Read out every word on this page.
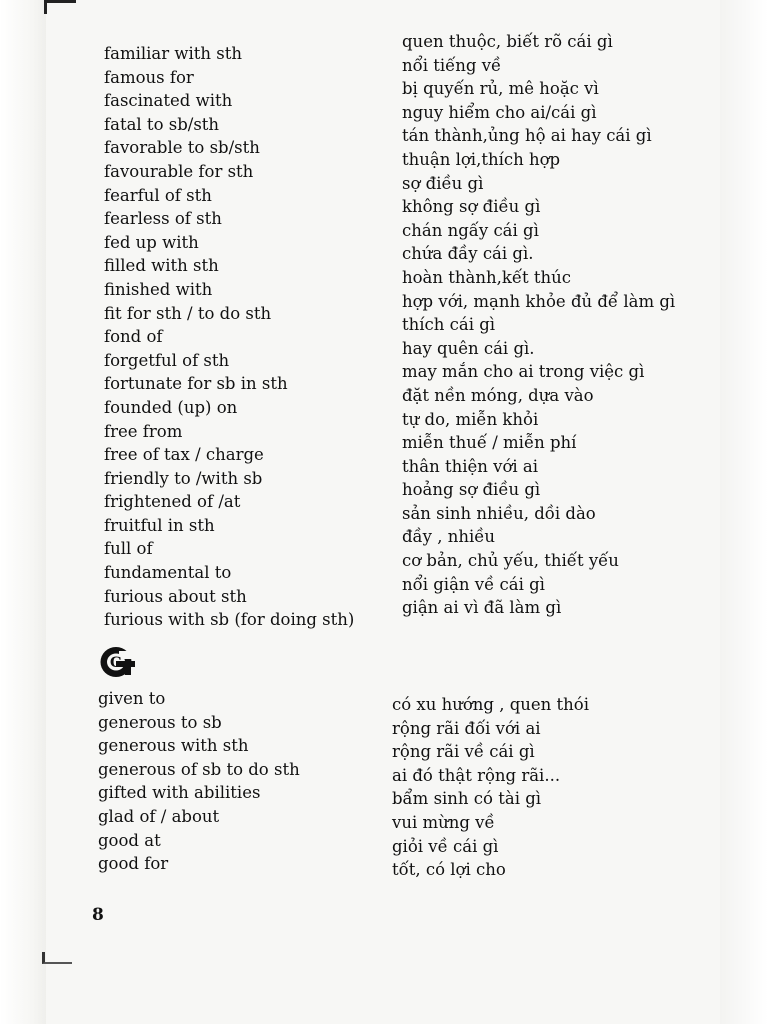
familiar with sth
famous for
fascinated with
fatal to sb/sth
favorable to sb/sth
favourable for sth
fearful of sth
fearless of sth
fed up with
filled with sth
finished with
fit for sth / to do sth
fond of
forgetful of sth
fortunate for sb in sth
founded (up) on
free from
free of tax / charge
friendly to /with sb
frightened of /at
fruitful in sth
full of
fundamental to
furious about sth
furious with sb (for doing sth)
quen thuộc, biết rõ cái gì
nổi tiếng về
bị quyến rủ, mê hoặc vì
nguy hiểm cho ai/cái gì
tán thành,ủng hộ ai hay cái gì
thuận lợi,thích hợp
sợ điều gì
không sợ điều gì
chán ngấy cái gì
chứa đầy cái gì.
hoàn thành,kết thúc
hợp với, mạnh khỏe đủ để làm gì
thích cái gì
hay quên cái gì.
may mắn cho ai trong việc gì
đặt nền móng, dựa vào
tự do, miễn khỏi
miễn thuế / miễn phí
thân thiện với ai
hoảng sợ điều gì
sản sinh nhiều, dồi dào
đầy , nhiều
cơ bản, chủ yếu, thiết yếu
nổi giận về cái gì
giận ai vì đã làm gì
G
given to
generous to sb
generous with sth
generous of sb to do sth
gifted with abilities
glad of / about
good at
good for
có xu hướng , quen thói
rộng rãi đối với ai
rộng rãi về cái gì
ai đó thật rộng rãi...
bẩm sinh có tài gì
vui mừng về
giỏi về cái gì
tốt, có lợi cho
8
